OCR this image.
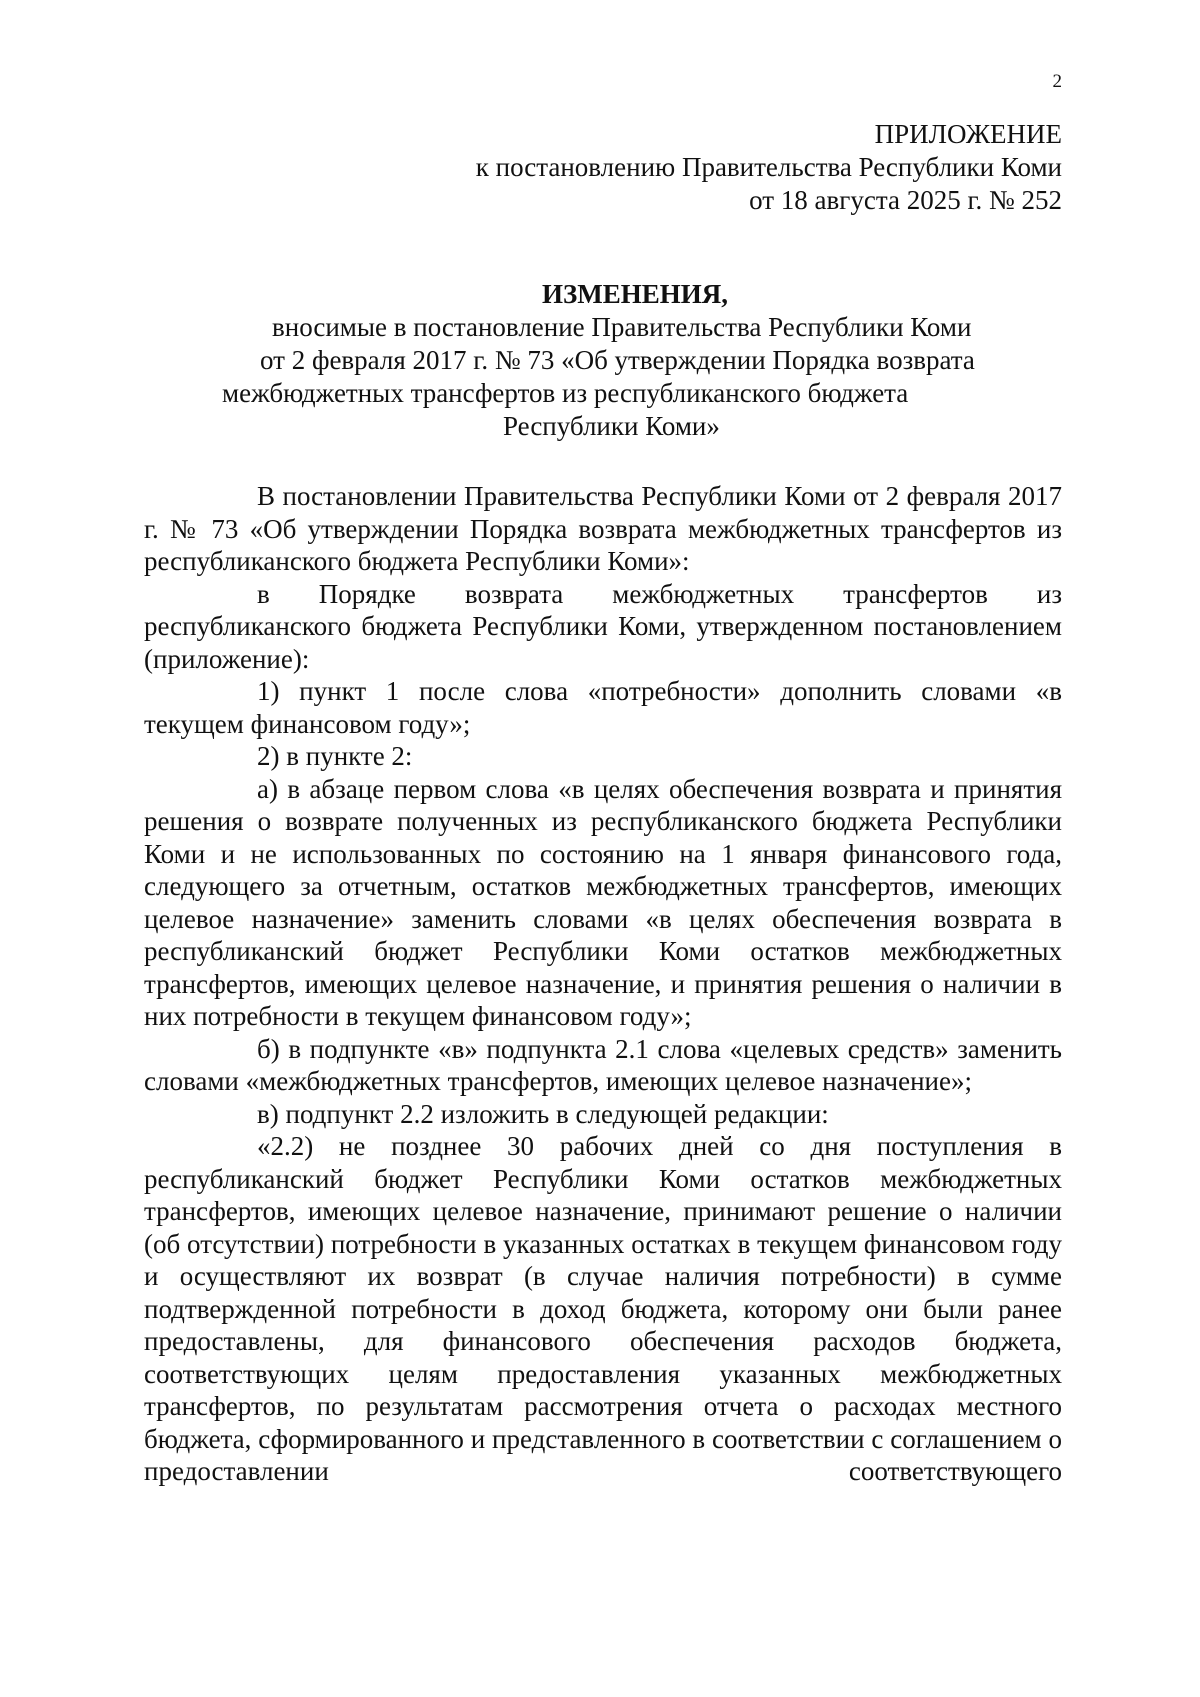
2
ПРИЛОЖЕНИЕ
к постановлению Правительства Республики Коми
от 18 августа 2025 г. № 252
ИЗМЕНЕНИЯ,
вносимые в постановление Правительства Республики Коми
от 2 февраля 2017 г. № 73 «Об утверждении Порядка возврата
межбюджетных трансфертов из республиканского бюджета
Республики Коми»

В постановлении Правительства Республики Коми от 2 февраля 2017 г. № 73 «Об утверждении Порядка возврата межбюджетных трансфертов из республиканского бюджета Республики Коми»:

в Порядке возврата межбюджетных трансфертов из республиканского бюджета Республики Коми, утвержденном постановлением (приложение):

1) пункт 1 после слова «потребности» дополнить словами «в текущем финансовом году»;

2) в пункте 2:

а) в абзаце первом слова «в целях обеспечения возврата и принятия решения о возврате полученных из республиканского бюджета Республики Коми и не использованных по состоянию на 1 января финансового года, следующего за отчетным, остатков межбюджетных трансфертов, имеющих целевое назначение» заменить словами «в целях обеспечения возврата в республиканский бюджет Республики Коми остатков межбюджетных трансфертов, имеющих целевое назначение, и принятия решения о наличии в них потребности в текущем финансовом году»;

б) в подпункте «в» подпункта 2.1 слова «целевых средств» заменить словами «межбюджетных трансфертов, имеющих целевое назначение»;

в) подпункт 2.2 изложить в следующей редакции:

«2.2) не позднее 30 рабочих дней со дня поступления в республиканский бюджет Республики Коми остатков межбюджетных трансфертов, имеющих целевое назначение, принимают решение о наличии (об отсутствии) потребности в указанных остатках в текущем финансовом году и осуществляют их возврат (в случае наличия потребности) в сумме подтвержденной потребности в доход бюджета, которому они были ранее предоставлены, для финансового обеспечения расходов бюджета, соответствующих целям предоставления указанных межбюджетных трансфертов, по результатам рассмотрения отчета о расходах местного бюджета, сформированного и представленного в соответствии с соглашением о предоставлении соответствующего
